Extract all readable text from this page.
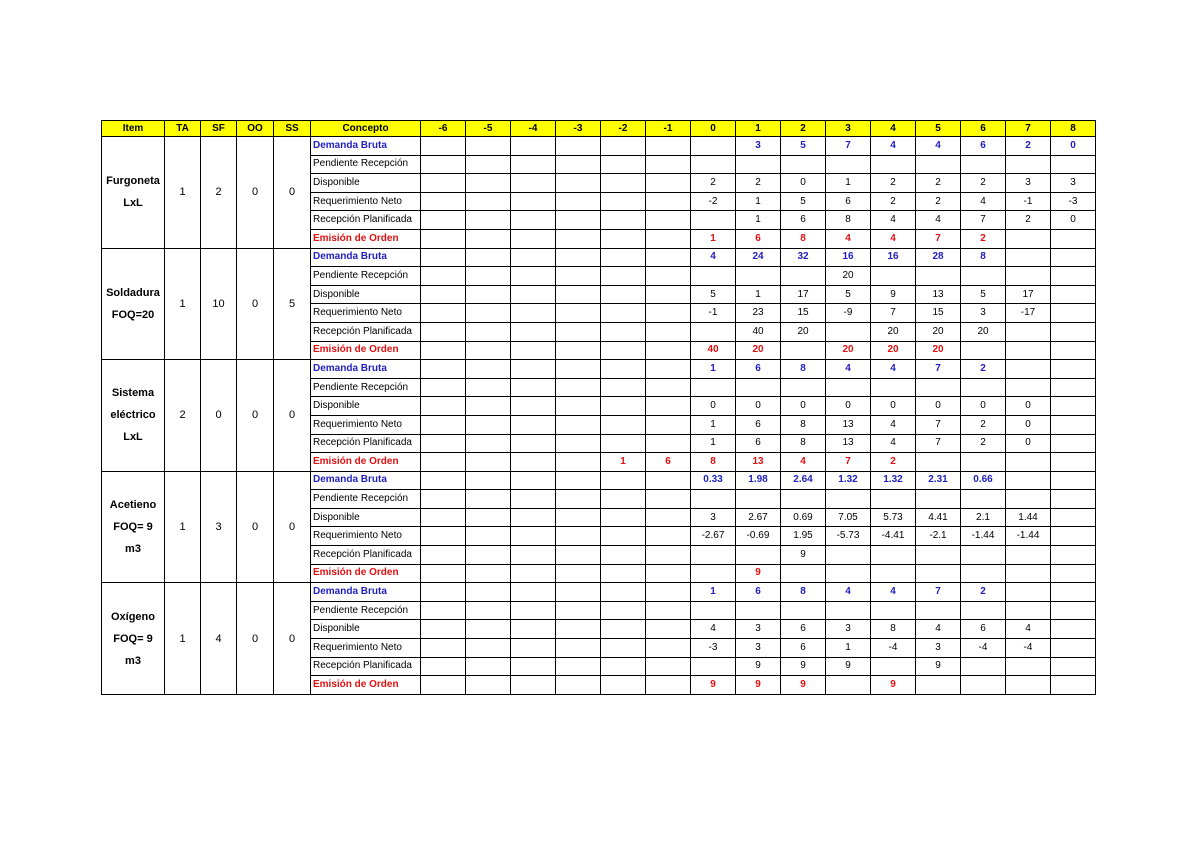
Item	TA	SF	OO	SS	Concepto	-6	-5	-4	-3	-2	-1	0	1	2	3	4	5	6	7	8
Furgoneta
LxL	1	2	0	0	Demanda Bruta								3	5	7	4	4	6	2	0
					Pendiente Recepción															
					Disponible							2	2	0	1	2	2	2	3	3
					Requerimiento Neto							-2	1	5	6	2	2	4	-1	-3
					Recepción Planificada								1	6	8	4	4	7	2	0
					Emisión de Orden							1	6	8	4	4	7	2		
Soldadura
FOQ=20	1	10	0	5	Demanda Bruta							4	24	32	16	16	28	8		
					Pendiente Recepción										20					
					Disponible							5	1	17	5	9	13	5	17	
					Requerimiento Neto							-1	23	15	-9	7	15	3	-17	
					Recepción Planificada								40	20		20	20	20		
					Emisión de Orden							40	20		20	20	20			
Sistema
eléctrico LxL	2	0	0	0	Demanda Bruta							1	6	8	4	4	7	2		
					Pendiente Recepción															
					Disponible							0	0	0	0	0	0	0	0	
					Requerimiento Neto							1	6	8	13	4	7	2	0	
					Recepción Planificada							1	6	8	13	4	7	2	0	
					Emisión de Orden					1	6	8	13	4	7	2				
Acetieno
FOQ= 9 m3	1	3	0	0	Demanda Bruta							0.33	1.98	2.64	1.32	1.32	2.31	0.66		
					Pendiente Recepción															
					Disponible							3	2.67	0.69	7.05	5.73	4.41	2.1	1.44	
					Requerimiento Neto							-2.67	-0.69	1.95	-5.73	-4.41	-2.1	-1.44	-1.44	
					Recepción Planificada									9						
					Emisión de Orden								9							
Oxígeno
FOQ= 9 m3	1	4	0	0	Demanda Bruta							1	6	8	4	4	7	2		
					Pendiente Recepción															
					Disponible							4	3	6	3	8	4	6	4	
					Requerimiento Neto							-3	3	6	1	-4	3	-4	-4	
					Recepción Planificada								9	9	9		9			
					Emisión de Orden							9	9	9		9				
